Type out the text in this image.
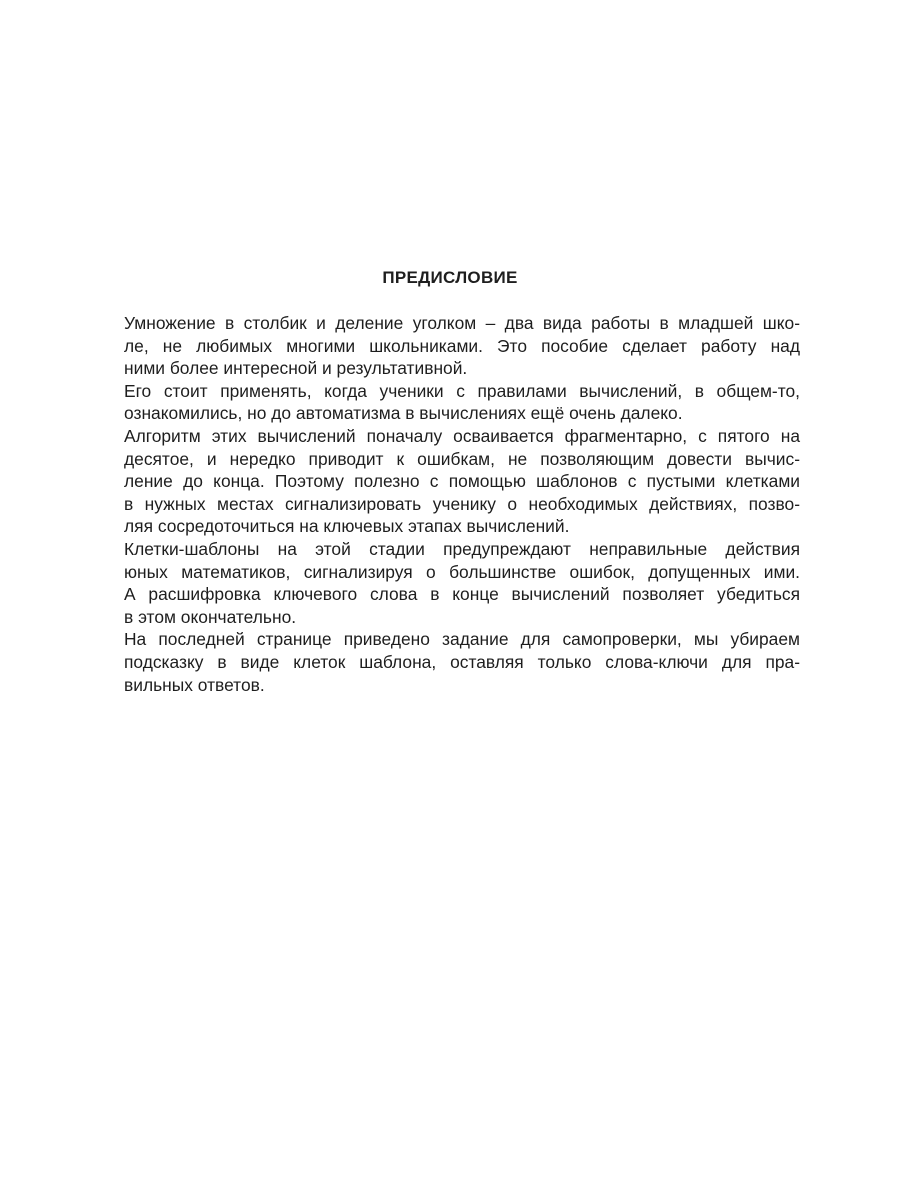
ПРЕДИСЛОВИЕ
Умножение в столбик и деление уголком – два вида работы в младшей шко-
ле, не любимых многими школьниками. Это пособие сделает работу над
ними более интересной и результативной.
Его стоит применять, когда ученики с правилами вычислений, в общем-то,
ознакомились, но до автоматизма в вычислениях ещё очень далеко.
Алгоритм этих вычислений поначалу осваивается фрагментарно, с пятого на
десятое, и нередко приводит к ошибкам, не позволяющим довести вычис-
ление до конца. Поэтому полезно с помощью шаблонов с пустыми клетками
в нужных местах сигнализировать ученику о необходимых действиях, позво-
ляя сосредоточиться на ключевых этапах вычислений.
Клетки-шаблоны на этой стадии предупреждают неправильные действия
юных математиков, сигнализируя о большинстве ошибок, допущенных ими.
А расшифровка ключевого слова в конце вычислений позволяет убедиться
в этом окончательно.
На последней странице приведено задание для самопроверки, мы убираем
подсказку в виде клеток шаблона, оставляя только слова-ключи для пра-
вильных ответов.
